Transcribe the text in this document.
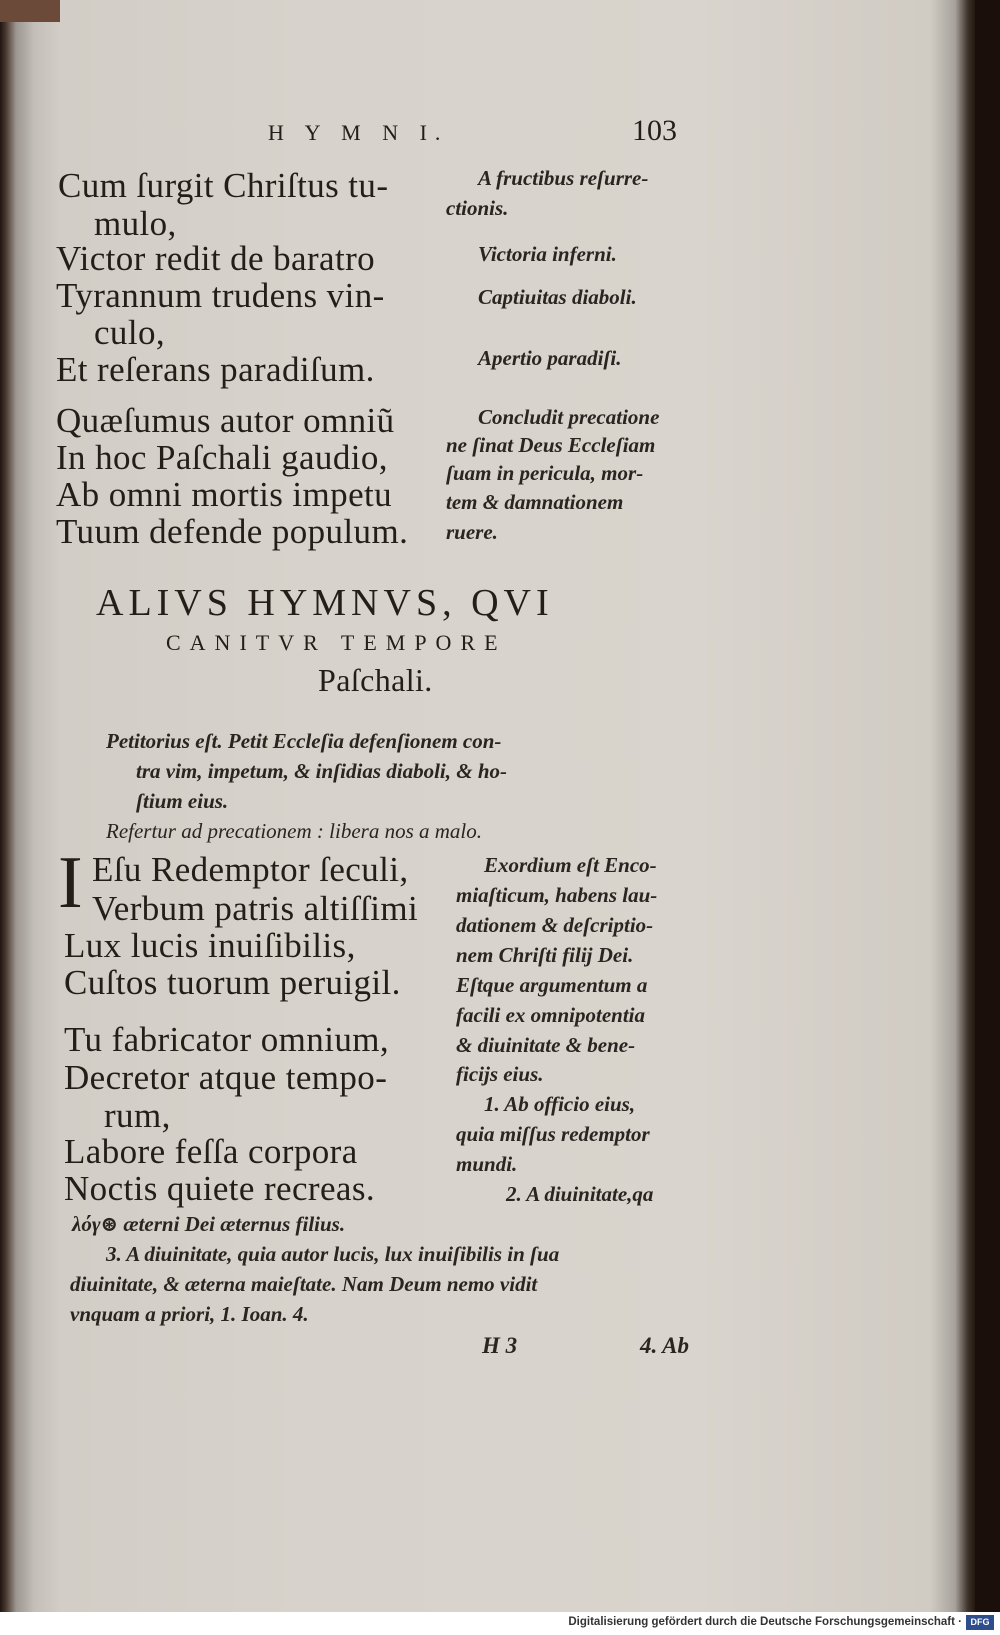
H Y M N I.	103
Cum ſurgit Chriſtus tu-
mulo,
Victor redit de baratro
Tyrannum trudens vin-
culo,
Et reſerans paradiſum.
Quæſumus autor omniũ
In hoc Paſchali gaudio,
Ab omni mortis impetu
Tuum defende populum.
A fructibus reſurre-
ctionis.
Victoria inferni.
Captiuitas diaboli.
Apertio paradiſi.
Concludit precatione
ne ſinat Deus Eccleſiam
ſuam in pericula, mor-
tem & damnationem
ruere.
ALIVS HYMNVS, QVI
CANITVR TEMPORE
Paſchali.
Petitorius eſt. Petit Eccleſia defenſionem con-
tra vim, impetum, & inſidias diaboli, & ho-
ſtium eius.
Refertur ad precationem : libera nos a malo.
I Eſu Redemptor ſeculi,
Verbum patris altiſſimi
Lux lucis inuiſibilis,
Cuſtos tuorum peruigil.
Tu fabricator omnium,
Decretor atque tempo-
rum,
Labore feſſa corpora
Noctis quiete recreas.
Exordium eſt Enco-
miaſticum, habens lau-
dationem & deſcriptio-
nem Chriſti filij Dei.
Eſtque argumentum a
facili ex omnipotentia
& diuinitate & bene-
ficijs eius.
1. Ab officio eius,
quia miſſus redemptor
mundi.
2. A diuinitate,qa
λόγ⊛ æterni Dei æternus filius.
3. A diuinitate, quia autor lucis, lux inuiſibilis in ſua
diuinitate, & æterna maieſtate. Nam Deum nemo vidit
vnquam a priori, 1. Ioan. 4.
H 3	4. Ab
Digitalisierung gefördert durch die Deutsche Forschungsgemeinschaft · DFG
